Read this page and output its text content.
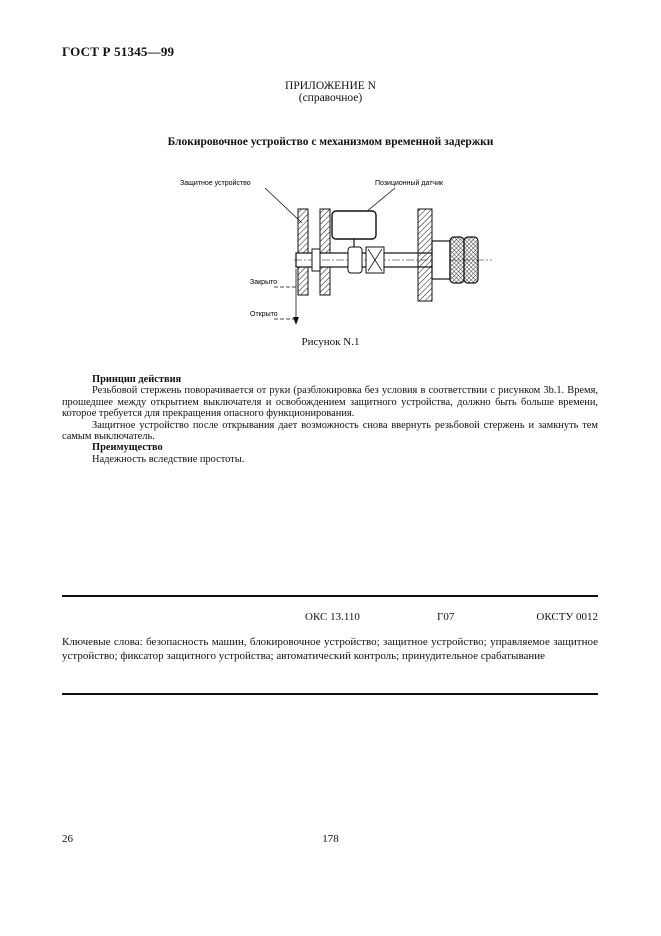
ГОСТ Р 51345—99
ПРИЛОЖЕНИЕ N
(справочное)
Блокировочное устройство с механизмом временной задержки
Защитное устройство	Позиционный датчик
Закрыто
Открыто
Рисунок N.1

Принцип действия

Резьбовой стержень поворачивается от руки (разблокировка без условия в соответствии с рисунком 3b.1. Время, прошедшее между открытием выключателя и освобождением защитного устройства, должно быть больше времени, которое требуется для прекращения опасного функционирования.

Защитное устройство после открывания дает возможность снова ввернуть резьбовой стержень и замкнуть тем самым выключатель.

Преимущество

Надежность вследствие простоты.

ОКС 13.110	Г07	ОКСТУ 0012
Ключевые слова: безопасность машин, блокировочное устройство; защитное устройство; управляемое защитное устройство; фиксатор защитного устройства; автоматический контроль; принудительное срабатывание
26	178
